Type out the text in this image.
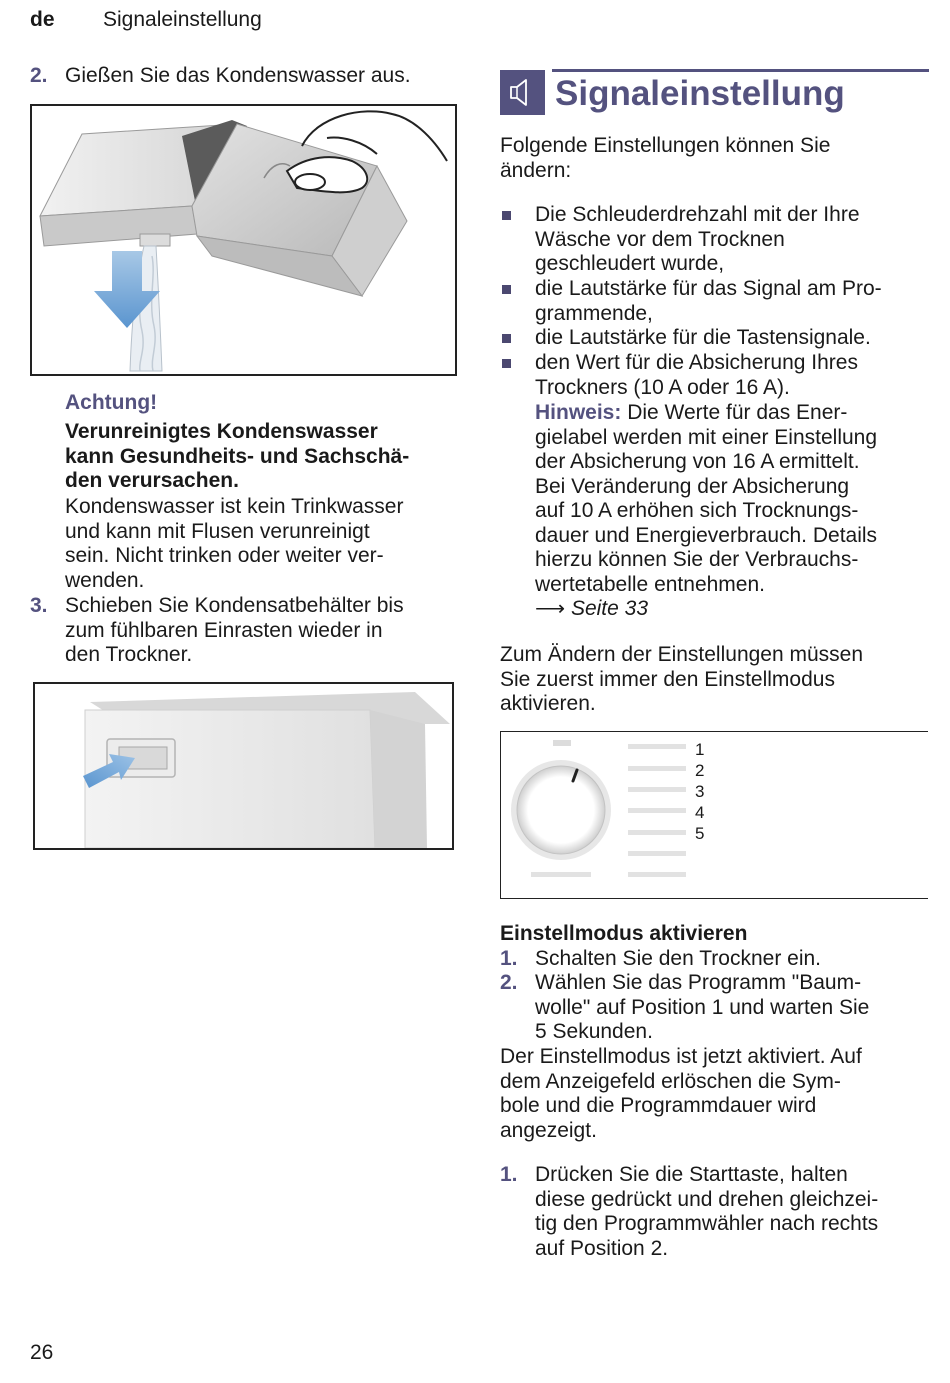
de Signaleinstellung
2. Gießen Sie das Kondenswasser aus.
Achtung!
Verunreinigtes Kondenswasser
kann Gesundheits- und Sachschä-
den verursachen.
Kondenswasser ist kein Trinkwasser
und kann mit Flusen verunreinigt
sein. Nicht trinken oder weiter ver-
wenden.
3. Schieben Sie Kondensatbehälter bis
zum fühlbaren Einrasten wieder in
den Trockner.
Signaleinstellung
Folgende Einstellungen können Sie
ändern:
Die Schleuderdrehzahl mit der Ihre
Wäsche vor dem Trocknen
geschleudert wurde,
die Lautstärke für das Signal am Pro-
grammende,
die Lautstärke für die Tastensignale.
den Wert für die Absicherung Ihres
Trockners (10 A oder 16 A).
Hinweis: Die Werte für das Ener-
gielabel werden mit einer Einstellung
der Absicherung von 16 A ermittelt.
Bei Veränderung der Absicherung
auf 10 A erhöhen sich Trocknungs-
dauer und Energieverbrauch. Details
hierzu können Sie der Verbrauchs-
wertetabelle entnehmen.
⟶ Seite 33
Zum Ändern der Einstellungen müssen
Sie zuerst immer den Einstellmodus
aktivieren.
1
2
3
4
5
Einstellmodus aktivieren
1. Schalten Sie den Trockner ein.
2. Wählen Sie das Programm "Baum-
wolle" auf Position 1 und warten Sie
5 Sekunden.
Der Einstellmodus ist jetzt aktiviert. Auf
dem Anzeigefeld erlöschen die Sym-
bole und die Programmdauer wird
angezeigt.
1. Drücken Sie die Starttaste, halten
diese gedrückt und drehen gleichzei-
tig den Programmwähler nach rechts
auf Position 2.
26
